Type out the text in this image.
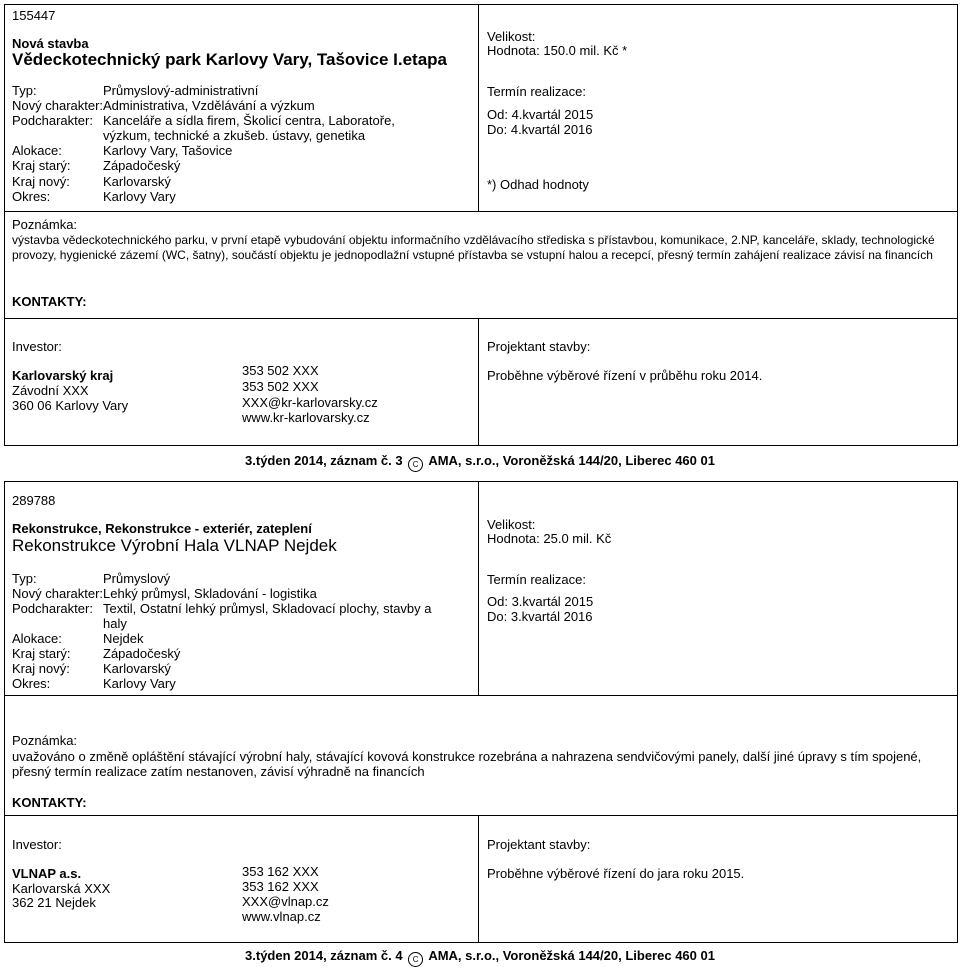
155447
Nová stavba
Vědeckotechnický park Karlovy Vary, Tašovice I.etapa
Typ:	Průmyslový-administrativní
Nový charakter: Administrativa, Vzdělávání a výzkum
Podcharakter: Kanceláře a sídla firem, Školicí centra, Laboratoře,
výzkum, technické a zkušeb. ústavy, genetika
Alokace:	Karlovy Vary, Tašovice
Kraj starý:	Západočeský
Kraj nový:	Karlovarský
Okres:	Karlovy Vary
Velikost:
Hodnota: 150.0 mil. Kč *
Termín realizace:
Od: 4.kvartál 2015
Do: 4.kvartál 2016
*) Odhad hodnoty
Poznámka:
výstavba vědeckotechnického parku, v první etapě vybudování objektu informačního vzdělávacího střediska s přístavbou, komunikace, 2.NP, kanceláře, sklady, technologické provozy, hygienické zázemí (WC, šatny), součástí objektu je jednopodlažní vstupné přístavba se vstupní halou a recepcí, přesný termín zahájení realizace závisí na financích
KONTAKTY:
Investor:
Karlovarský kraj
Závodní XXX
360 06 Karlovy Vary
353 502 XXX
353 502 XXX
XXX@kr-karlovarsky.cz
www.kr-karlovarsky.cz
Projektant stavby:
Proběhne výběrové řízení v průběhu roku 2014.
3.týden 2014, záznam č. 3 C AMA, s.r.o., Voroněžská 144/20, Liberec 460 01
289788
Rekonstrukce, Rekonstrukce - exteriér, zateplení
Rekonstrukce Výrobní Hala VLNAP Nejdek
Typ:	Průmyslový
Nový charakter: Lehký průmysl, Skladování - logistika
Podcharakter: Textil, Ostatní lehký průmysl, Skladovací plochy, stavby a
haly
Alokace:	Nejdek
Kraj starý:	Západočeský
Kraj nový:	Karlovarský
Okres:	Karlovy Vary
Velikost:
Hodnota: 25.0 mil. Kč
Termín realizace:
Od: 3.kvartál 2015
Do: 3.kvartál 2016
Poznámka:
uvažováno o změně opláštění stávající výrobní haly, stávající kovová konstrukce rozebrána a nahrazena sendvičovými panely, další jiné úpravy s tím spojené, přesný termín realizace zatím nestanoven, závisí výhradně na financích
KONTAKTY:
Investor:
VLNAP a.s.
Karlovarská XXX
362 21 Nejdek
353 162 XXX
353 162 XXX
XXX@vlnap.cz
www.vlnap.cz
Projektant stavby:
Proběhne výběrové řízení do jara roku 2015.
3.týden 2014, záznam č. 4 C AMA, s.r.o., Voroněžská 144/20, Liberec 460 01
